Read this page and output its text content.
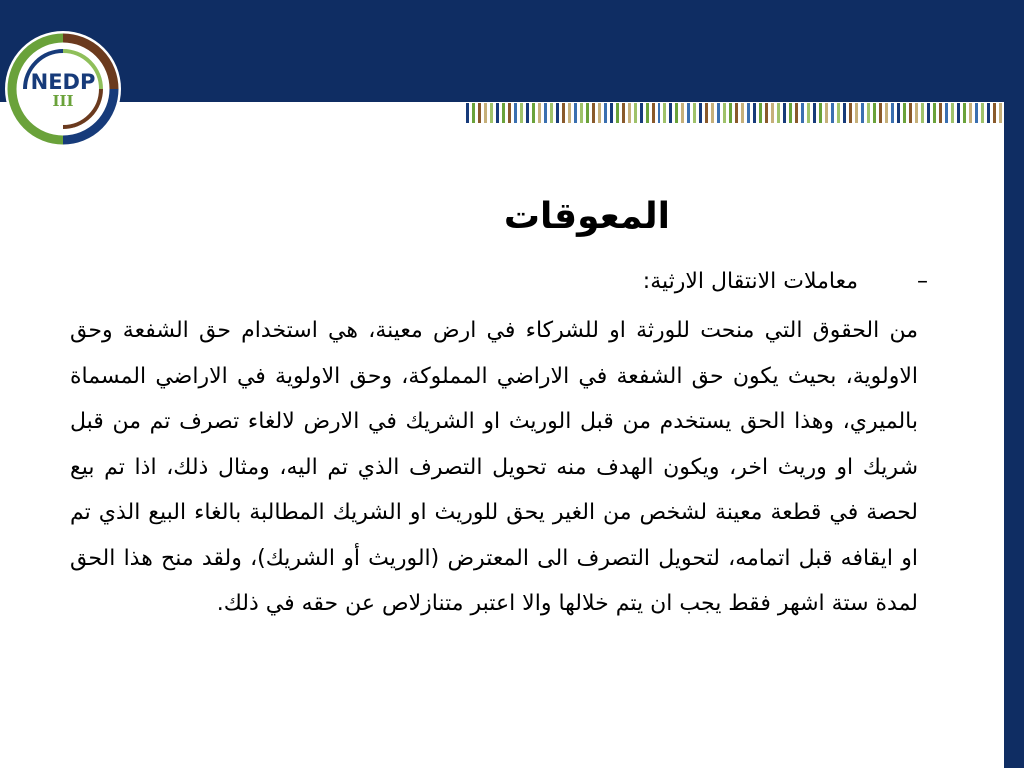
NEDP
III
المعوقات
–
معاملات الانتقال الارثية:
من الحقوق التي منحت للورثة او للشركاء في ارض معينة، هي استخدام حق الشفعة وحق الاولوية، بحيث يكون حق الشفعة في الاراضي المملوكة، وحق الاولوية في الاراضي المسماة بالميري، وهذا الحق يستخدم من قبل الوريث او الشريك في الارض لالغاء تصرف تم من قبل شريك او وريث اخر، ويكون الهدف منه تحويل التصرف الذي تم اليه، ومثال ذلك، اذا تم بيع لحصة في قطعة معينة لشخص من الغير يحق للوريث او الشريك المطالبة بالغاء البيع الذي تم او ايقافه قبل اتمامه، لتحويل التصرف الى المعترض (الوريث أو الشريك)، ولقد منح هذا الحق لمدة ستة اشهر فقط يجب ان يتم خلالها والا اعتبر متنازلاص عن حقه في ذلك.
